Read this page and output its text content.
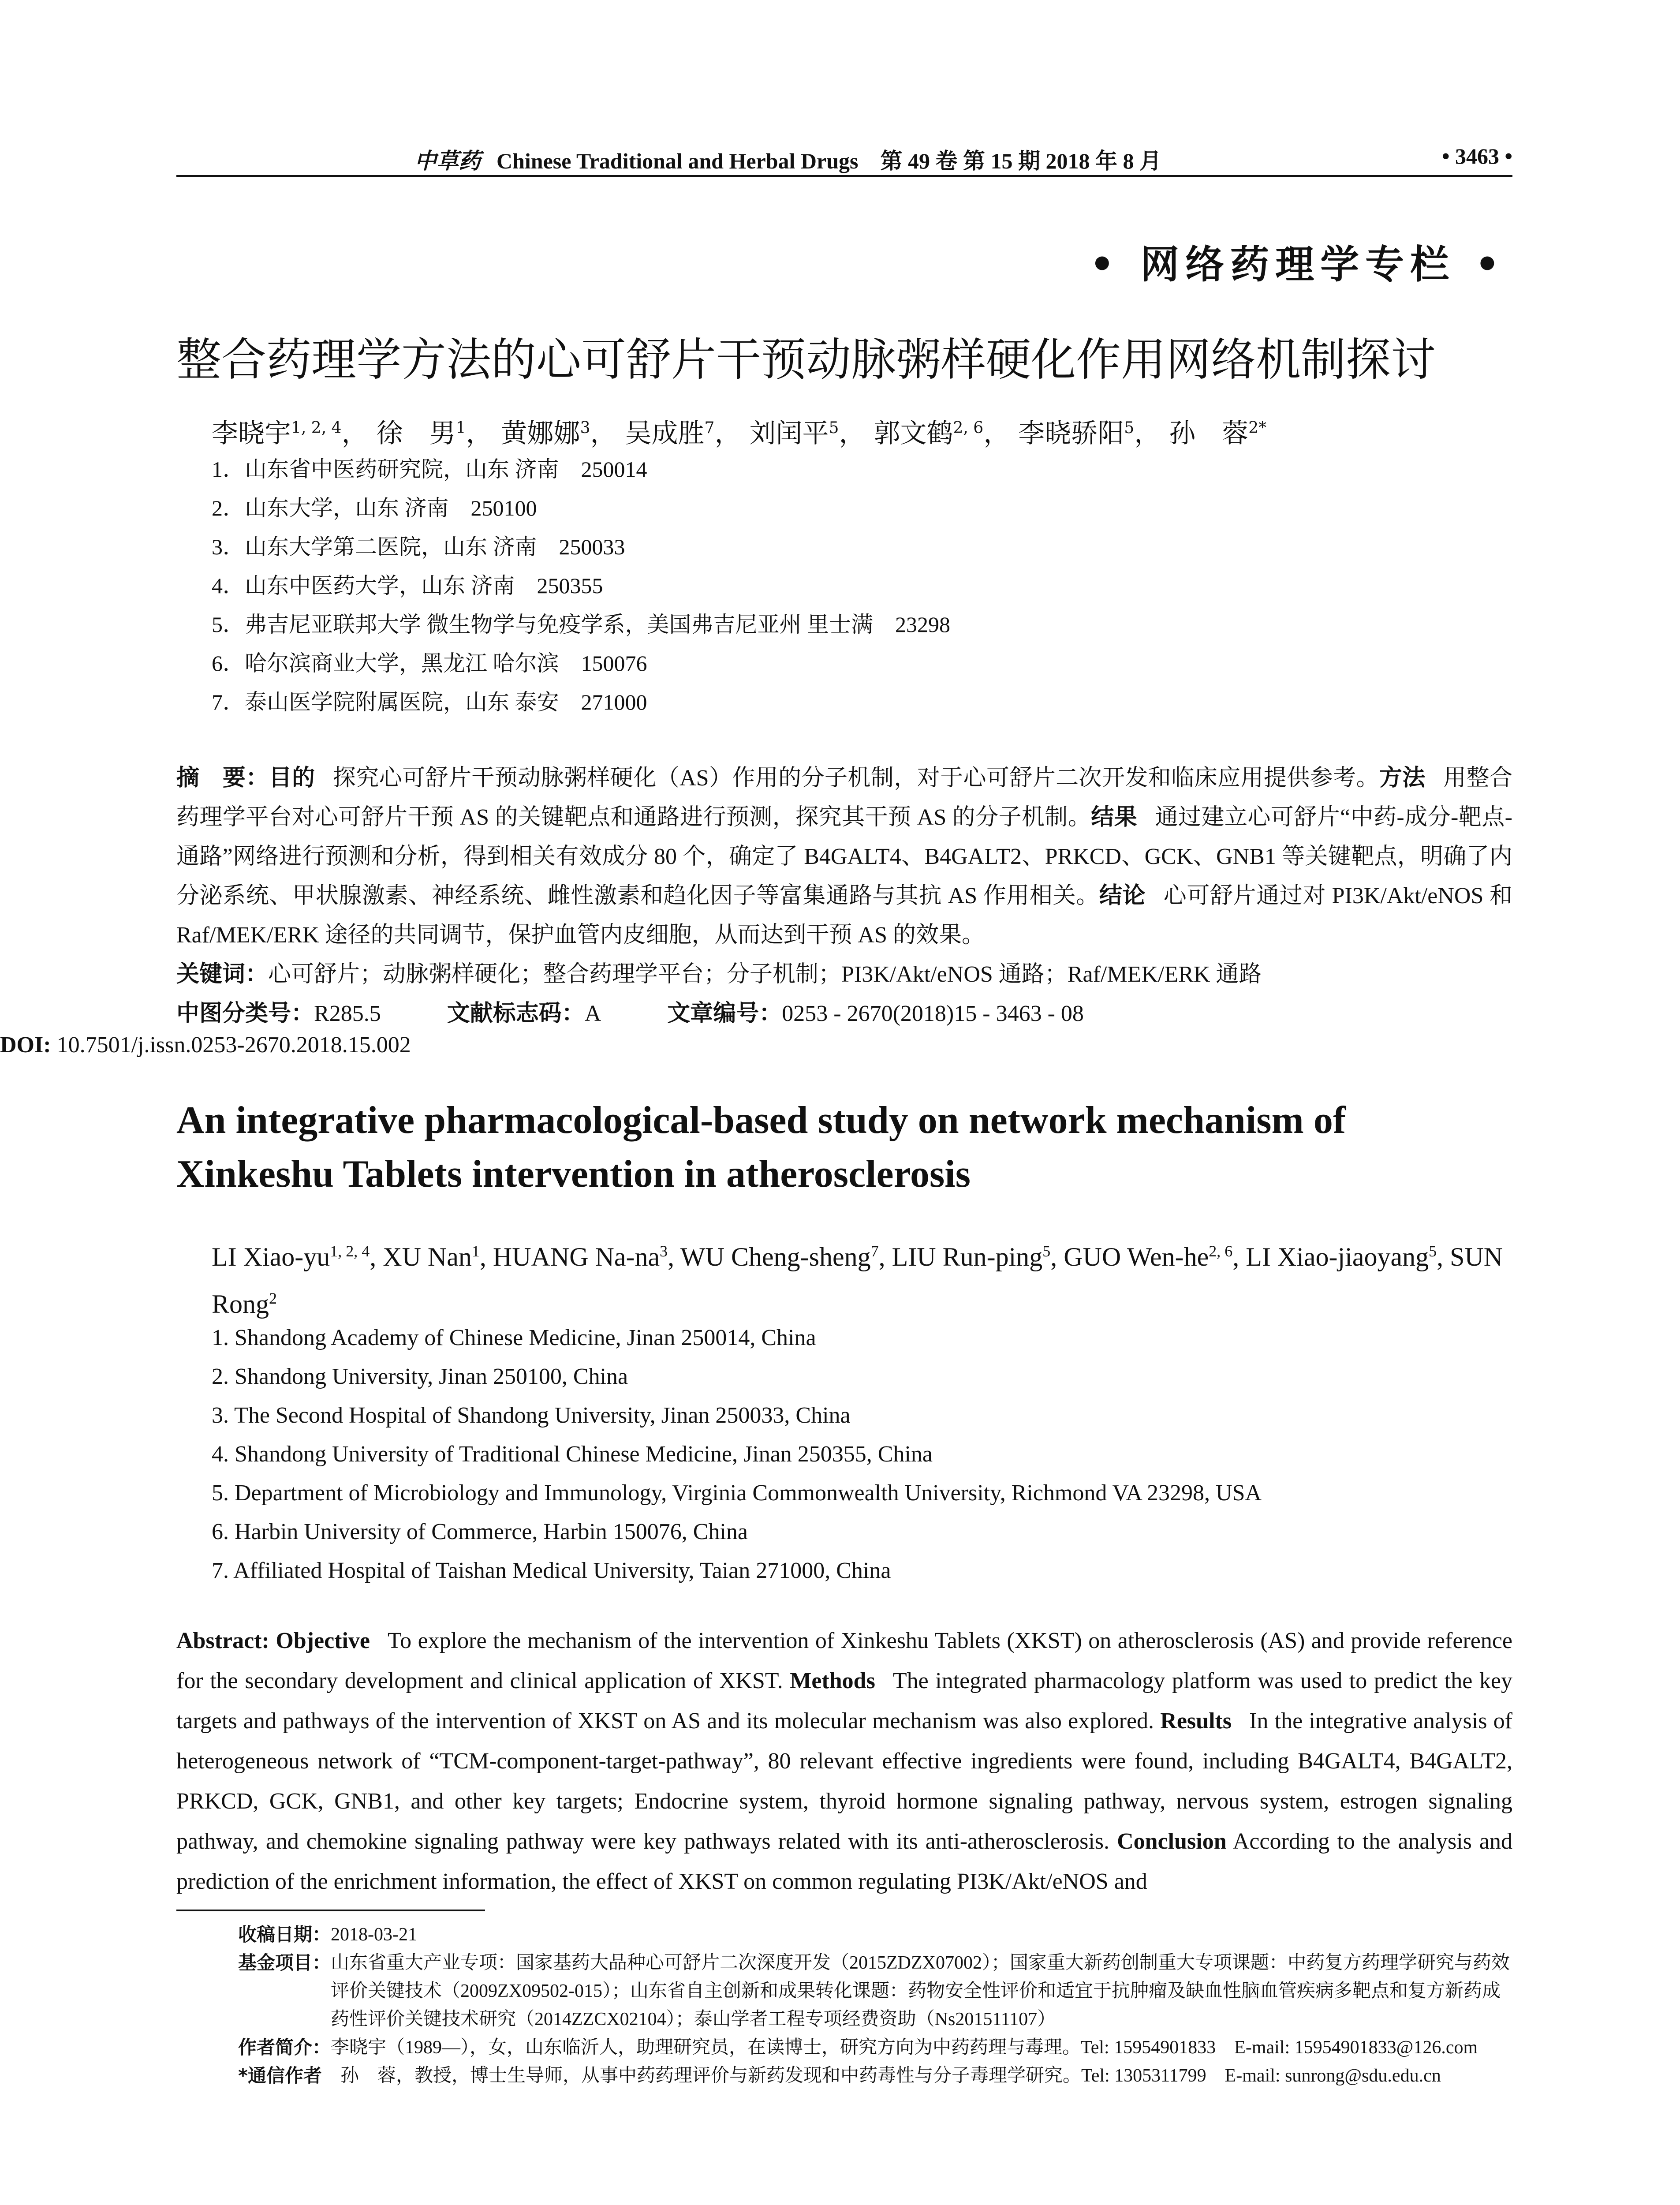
中草药 Chinese Traditional and Herbal Drugs　 第 49 卷 第 15 期 2018 年 8 月	• 3463 •
• 网络药理学专栏 •
整合药理学方法的心可舒片干预动脉粥样硬化作用网络机制探讨
李晓宇$^{1, 2, 4}$， 徐　男$^1$， 黄娜娜$^3$， 吴成胜$^7$， 刘闰平$^5$， 郭文鹤$^{2, 6}$， 李晓骄阳$^5$， 孙　蓉$^{2*}$
1．山东省中医药研究院，山东 济南　250014
2．山东大学，山东 济南　250100
3．山东大学第二医院，山东 济南　250033
4．山东中医药大学，山东 济南　250355
5．弗吉尼亚联邦大学 微生物学与免疫学系，美国弗吉尼亚州 里士满　23298
6．哈尔滨商业大学，黑龙江 哈尔滨　150076
7．泰山医学院附属医院，山东 泰安　271000
摘　要：目的 探究心可舒片干预动脉粥样硬化（AS）作用的分子机制，对于心可舒片二次开发和临床应用提供参考。方法 用整合药理学平台对心可舒片干预 AS 的关键靶点和通路进行预测，探究其干预 AS 的分子机制。结果 通过建立心可舒片“中药-成分-靶点-通路”网络进行预测和分析，得到相关有效成分 80 个，确定了 B4GALT4、B4GALT2、PRKCD、GCK、GNB1 等关键靶点，明确了内分泌系统、甲状腺激素、神经系统、雌性激素和趋化因子等富集通路与其抗 AS 作用相关。结论 心可舒片通过对 PI3K/Akt/eNOS 和 Raf/MEK/ERK 途径的共同调节，保护血管内皮细胞，从而达到干预 AS 的效果。
关键词：心可舒片；动脉粥样硬化；整合药理学平台；分子机制；PI3K/Akt/eNOS 通路；Raf/MEK/ERK 通路
中图分类号：R285.5	文献标志码：A	文章编号：0253 - 2670(2018)15 - 3463 - 08
DOI: 10.7501/j.issn.0253-2670.2018.15.002
An integrative pharmacological-based study on network mechanism of Xinkeshu Tablets intervention in atherosclerosis
LI Xiao-yu$^{1, 2, 4}$, XU Nan$^1$, HUANG $Na-na^3$, WU Cheng-sheng$^7$, LIU Run-ping$^5$, GUO Wen-he$^{2, 6}$, LI Xiao-jiaoyang$^5$, SUN Rong$^2$
1. Shandong Academy of Chinese Medicine, Jinan 250014, China
2. Shandong University, Jinan 250100, China
3. The Second Hospital of Shandong University, Jinan 250033, China
4. Shandong University of Traditional Chinese Medicine, Jinan 250355, China
5. Department of Microbiology and Immunology, Virginia Commonwealth University, Richmond VA 23298, USA
6. Harbin University of Commerce, Harbin 150076, China
7. Affiliated Hospital of Taishan Medical University, Taian 271000, China
Abstract: Objective To explore the mechanism of the intervention of Xinkeshu Tablets (XKST) on atherosclerosis (AS) and provide reference for the secondary development and clinical application of XKST. Methods The integrated pharmacology platform was used to predict the key targets and pathways of the intervention of XKST on AS and its molecular mechanism was also explored. Results In the integrative analysis of heterogeneous network of “TCM-component-target-pathway”, 80 relevant effective ingredients were found, including B4GALT4, B4GALT2, PRKCD, GCK, GNB1, and other key targets; Endocrine system, thyroid hormone signaling pathway, nervous system, estrogen signaling pathway, and chemokine signaling pathway were key pathways related with its anti-atherosclerosis. Conclusion According to the analysis and prediction of the enrichment information, the effect of XKST on common regulating PI3K/Akt/eNOS and
收稿日期： 2018-03-21
基金项目： 山东省重大产业专项：国家基药大品种心可舒片二次深度开发（2015ZDZX07002）；国家重大新药创制重大专项课题：中药复方药理学研究与药效评价关键技术（2009ZX09502-015）；山东省自主创新和成果转化课题：药物安全性评价和适宜于抗肿瘤及缺血性脑血管疾病多靶点和复方新药成药性评价关键技术研究（2014ZZCX02104）；泰山学者工程专项经费资助（Ns201511107）
作者简介： 李晓宇（1989—），女，山东临沂人，助理研究员，在读博士，研究方向为中药药理与毒理。Tel: 15954901833　E-mail: 15954901833@126.com
*通信作者 　孙　蓉，教授，博士生导师，从事中药药理评价与新药发现和中药毒性与分子毒理学研究。Tel: 1305311799　E-mail: sunrong@sdu.edu.cn
